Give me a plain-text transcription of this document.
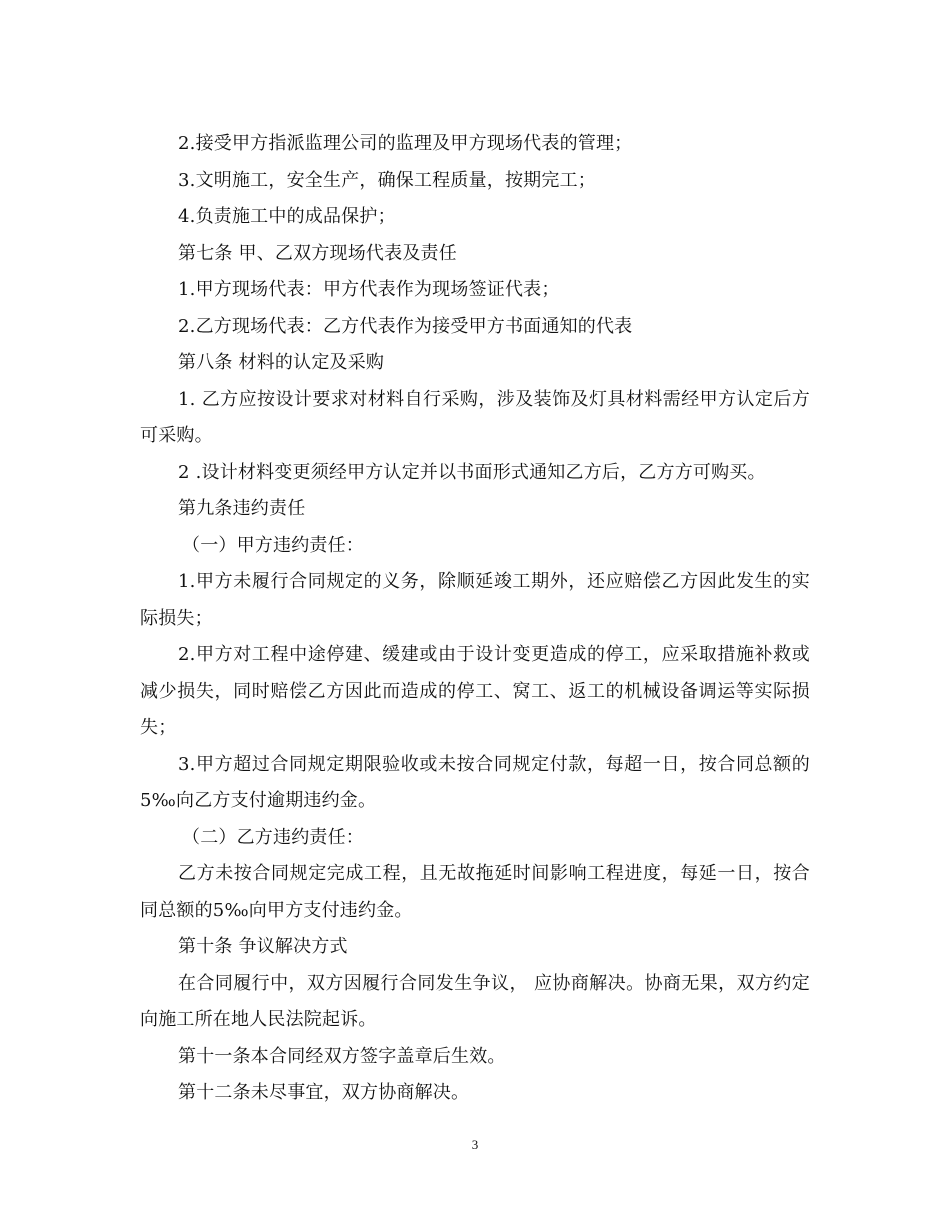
2.接受甲方指派监理公司的监理及甲方现场代表的管理；

3.文明施工，安全生产，确保工程质量，按期完工；

4.负责施工中的成品保护；

第七条 甲、乙双方现场代表及责任

1.甲方现场代表：甲方代表作为现场签证代表；

2.乙方现场代表：乙方代表作为接受甲方书面通知的代表

第八条 材料的认定及采购

1. 乙方应按设计要求对材料自行采购，涉及装饰及灯具材料需经甲方认定后方可采购。

2 .设计材料变更须经甲方认定并以书面形式通知乙方后，乙方方可购买。

第九条违约责任

（一）甲方违约责任：

1.甲方未履行合同规定的义务，除顺延竣工期外，还应赔偿乙方因此发生的实际损失；

2.甲方对工程中途停建、缓建或由于设计变更造成的停工，应采取措施补救或减少损失，同时赔偿乙方因此而造成的停工、窝工、返工的机械设备调运等实际损失；

3.甲方超过合同规定期限验收或未按合同规定付款，每超一日，按合同总额的5‰向乙方支付逾期违约金。

（二）乙方违约责任：

乙方未按合同规定完成工程，且无故拖延时间影响工程进度，每延一日，按合同总额的5‰向甲方支付违约金。

第十条 争议解决方式

在合同履行中，双方因履行合同发生争议， 应协商解决。协商无果，双方约定向施工所在地人民法院起诉。

第十一条本合同经双方签字盖章后生效。

第十二条未尽事宜，双方协商解决。

3
